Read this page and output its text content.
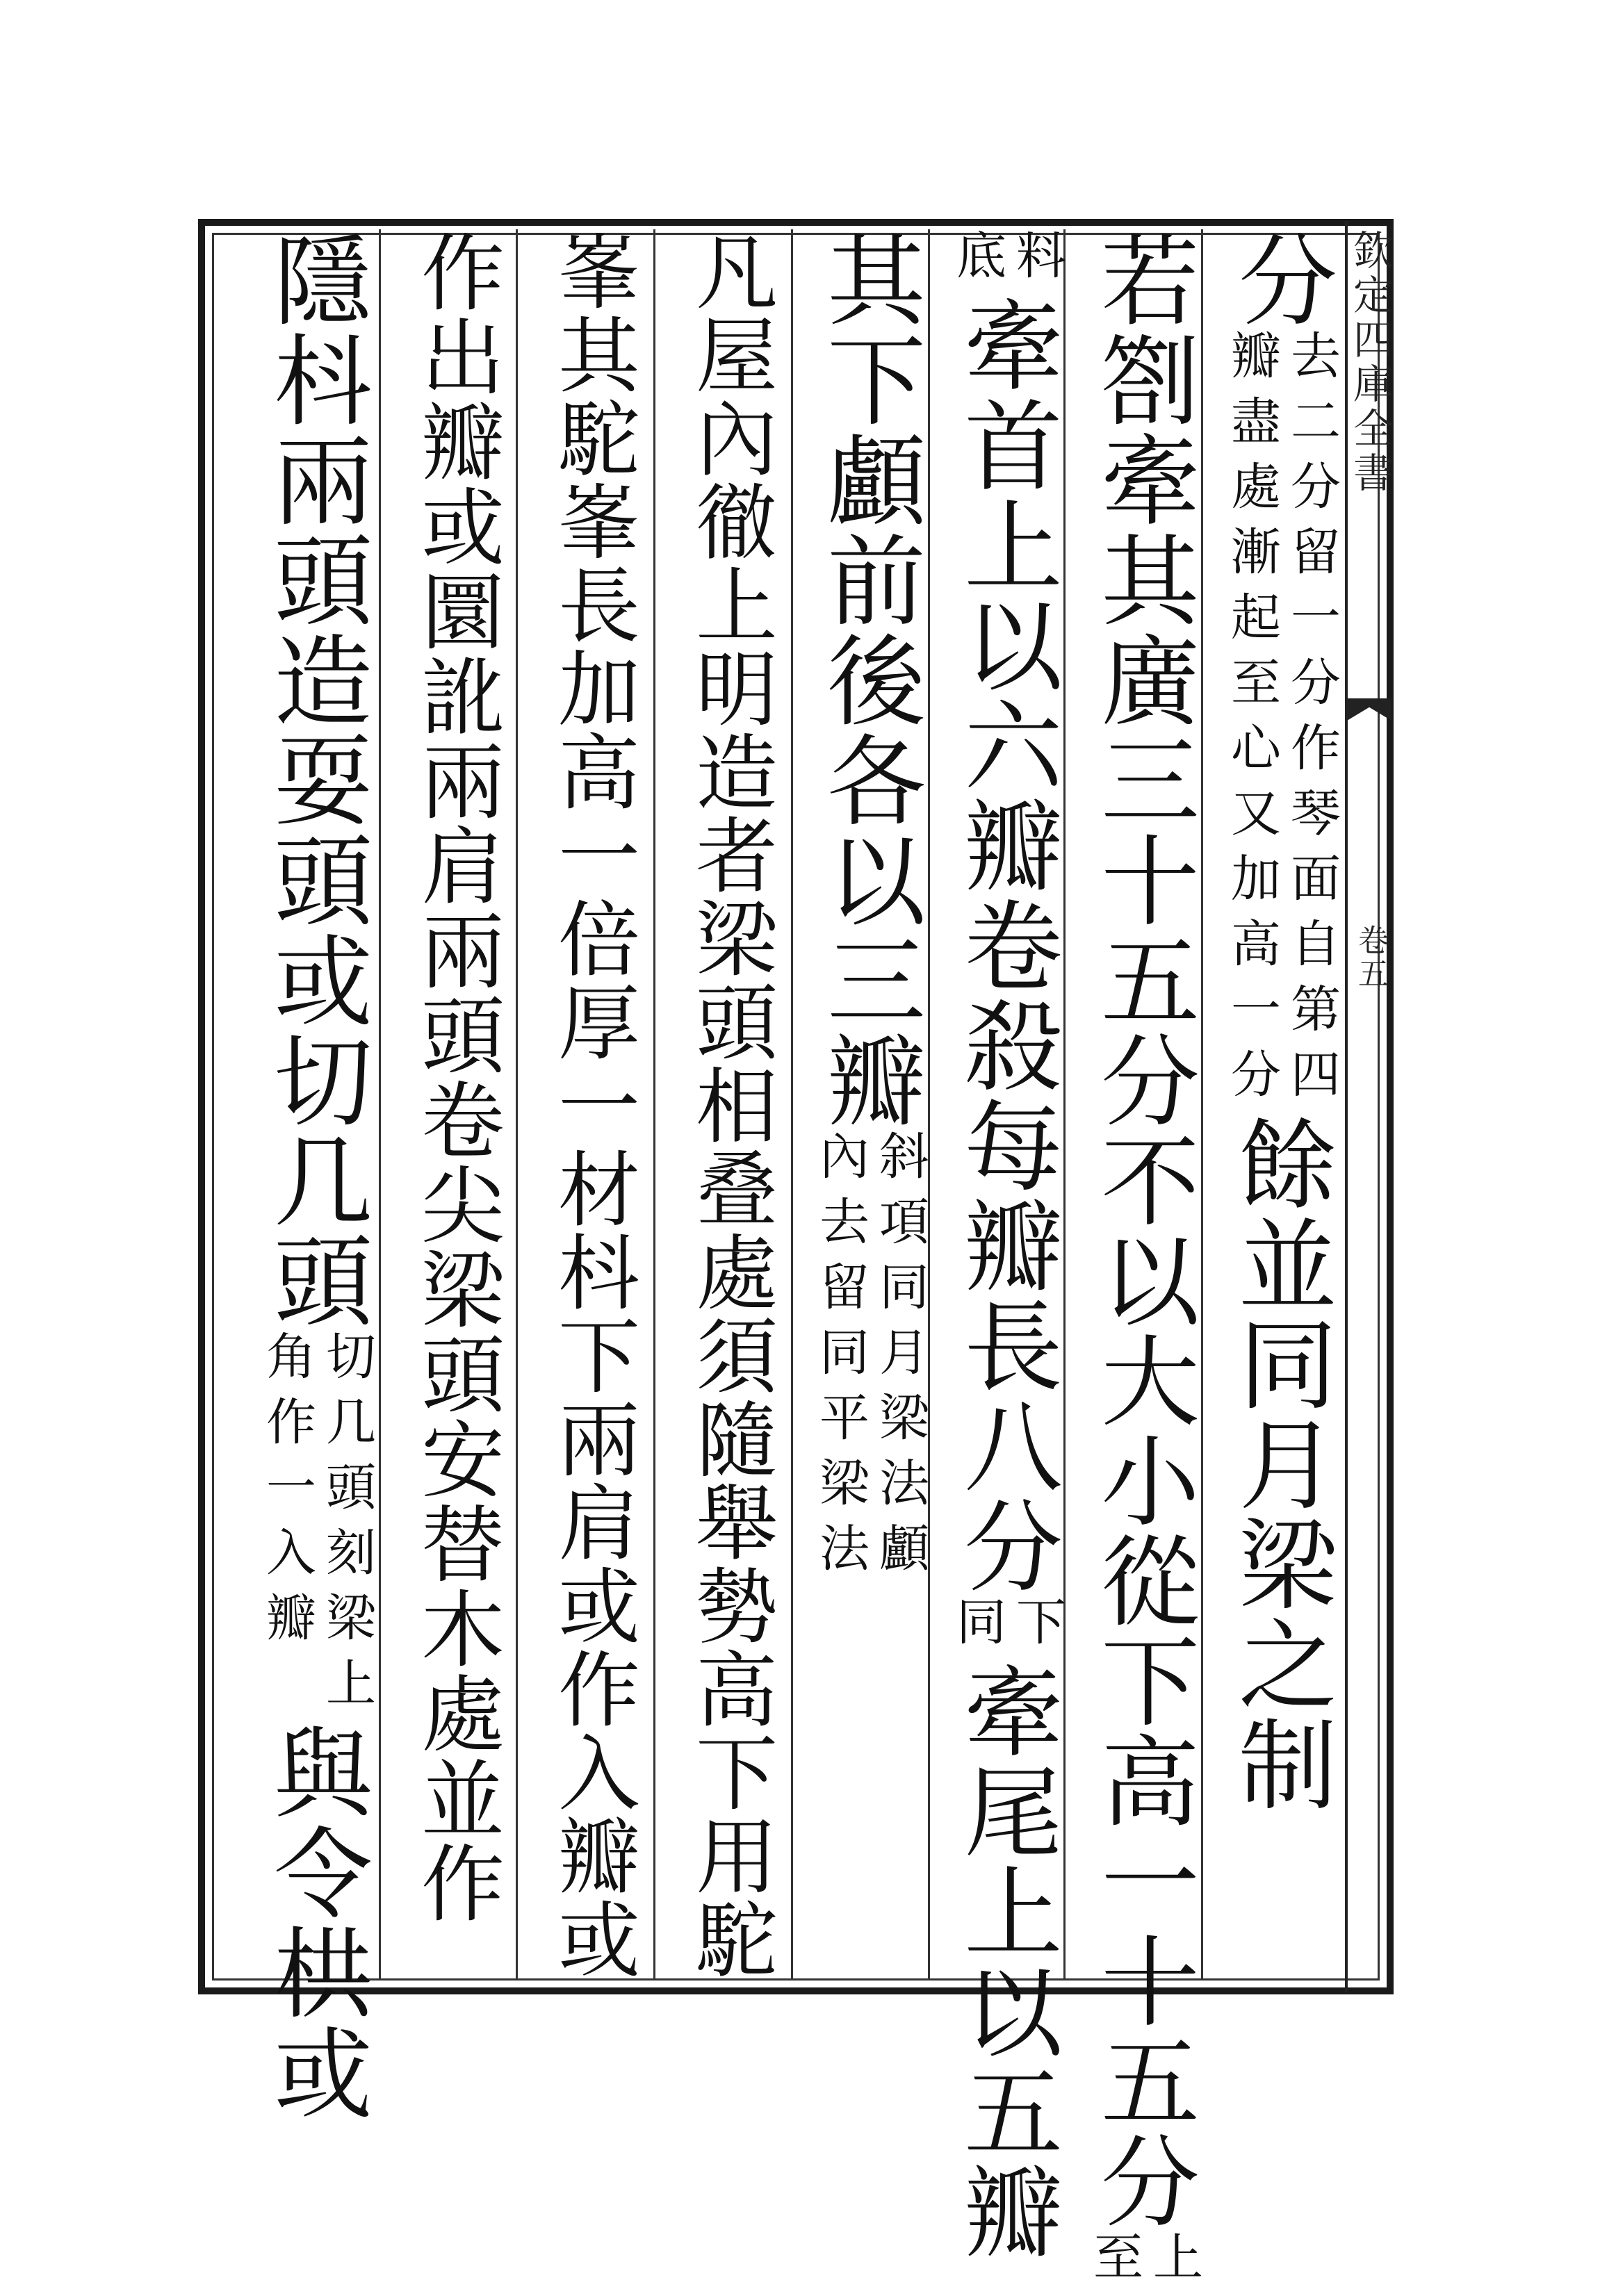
欽定四庫全書
卷五
分
去二分留一分作琴面自第四
瓣盡處漸起至心又加高一分
餘並同月梁之制
若劄牽其廣三十五分不以大小從下高一十五分
上
至
料
底
牽首上以六瓣卷殺每瓣長八分
下
同
牽尾上以五瓣
其下顱前後各以三瓣
斜項同月梁法顱
內去留同平梁法
凡屋內徹上明造者梁頭相叠處須隨舉勢高下用駝
峯其駝峯長加高一倍厚一材枓下兩肩或作入瓣或
作出瓣或圜訛兩肩兩頭卷尖梁頭安替木處並作
隱枓兩頭造耍頭或切几頭
切几頭刻梁上
角作一入瓣
與令栱或
